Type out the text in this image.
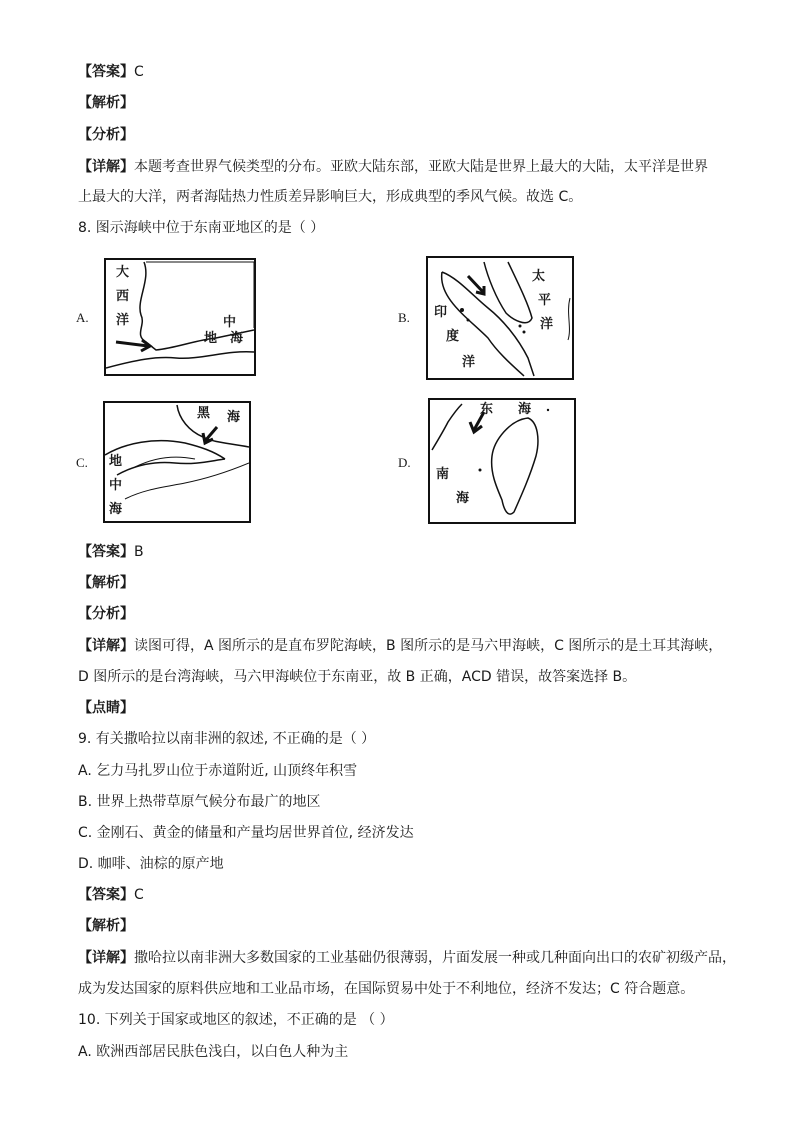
【答案】C
【解析】
【分析】
【详解】本题考查世界气候类型的分布。亚欧大陆东部，亚欧大陆是世界上最大的大陆，太平洋是世界
上最大的大洋，两者海陆热力性质差异影响巨大，形成典型的季风气候。故选 C。
8. 图示海峡中位于东南亚地区的是（ ）
A.
大
西
洋	中
地 海
B.
太
平
洋
印
度
洋
C.
黑 海
地
中
海
D.
东 海
南
海
【答案】B
【解析】
【分析】
【详解】读图可得，A 图所示的是直布罗陀海峡，B 图所示的是马六甲海峡，C 图所示的是土耳其海峡，
D 图所示的是台湾海峡，马六甲海峡位于东南亚，故 B 正确，ACD 错误，故答案选择 B。
【点睛】
9. 有关撒哈拉以南非洲的叙述, 不正确的是（ ）
A. 乞力马扎罗山位于赤道附近, 山顶终年积雪
B. 世界上热带草原气候分布最广的地区
C. 金刚石、黄金的储量和产量均居世界首位, 经济发达
D. 咖啡、油棕的原产地
【答案】C
【解析】
【详解】撒哈拉以南非洲大多数国家的工业基础仍很薄弱，片面发展一种或几种面向出口的农矿初级产品，
成为发达国家的原料供应地和工业品市场，在国际贸易中处于不利地位，经济不发达；C 符合题意。
10. 下列关于国家或地区的叙述，不正确的是 （ ）
A. 欧洲西部居民肤色浅白，以白色人种为主
